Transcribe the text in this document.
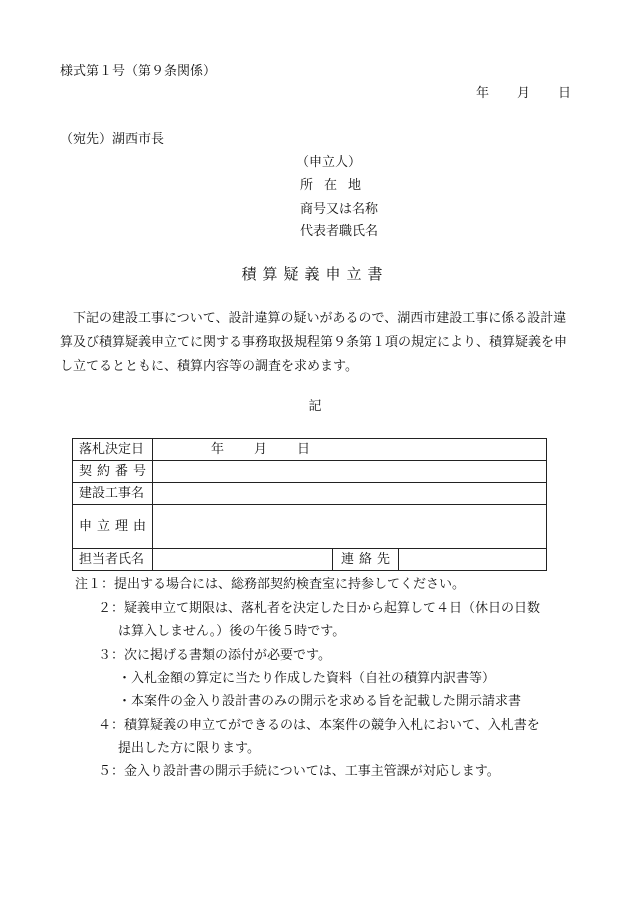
様式第１号（第９条関係）
年 月 日
（宛先）湖西市長
（申立人）
所在地
商号又は名称
代表者職氏名
積算疑義申立書
下記の建設工事について、設計違算の疑いがあるので、湖西市建設工事に係る設計違算及び積算疑義申立てに関する事務取扱規程第９条第１項の規定により、積算疑義を申し立てるとともに、積算内容等の調査を求めます。
記
落札決定日	年 月 日		
契約番号			
建設工事名			
申立理由			
担当者氏名		連絡先	
注１：提出する場合には、総務部契約検査室に持参してください。
２：疑義申立て期限は、落札者を決定した日から起算して４日（休日の日数
は算入しません。）後の午後５時です。
３：次に掲げる書類の添付が必要です。
・入札金額の算定に当たり作成した資料（自社の積算内訳書等）
・本案件の金入り設計書のみの開示を求める旨を記載した開示請求書
４：積算疑義の申立てができるのは、本案件の競争入札において、入札書を
提出した方に限ります。
５：金入り設計書の開示手続については、工事主管課が対応します。
